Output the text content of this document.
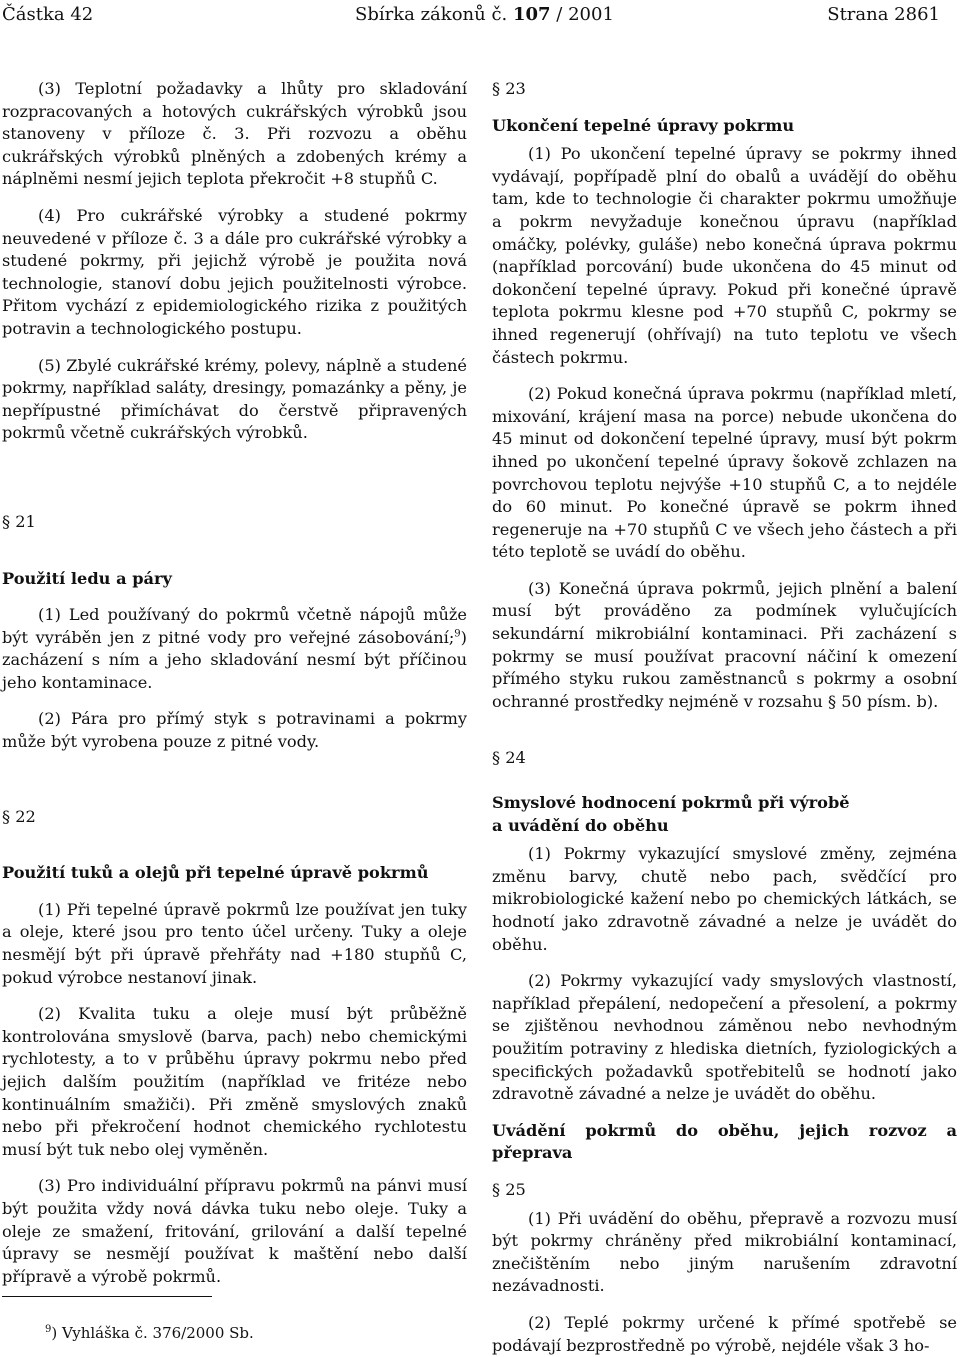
Částka 42	Sbírka zákonů č. 107 / 2001	Strana 2861

(3) Teplotní požadavky a lhůty pro skladování rozpracovaných a hotových cukrářských výrobků jsou stanoveny v příloze č. 3. Při rozvozu a oběhu cukrářských výrobků plněných a zdobených krémy a náplněmi nesmí jejich teplota překročit +8 stupňů C.

(4) Pro cukrářské výrobky a studené pokrmy neuvedené v příloze č. 3 a dále pro cukrářské výrobky a studené pokrmy, při jejichž výrobě je použita nová technologie, stanoví dobu jejich použitelnosti výrobce. Přitom vychází z epidemiologického rizika z použitých potravin a technologického postupu.

(5) Zbylé cukrářské krémy, polevy, náplně a studené pokrmy, například saláty, dresingy, pomazánky a pěny, je nepřípustné přimíchávat do čerstvě připravených pokrmů včetně cukrářských výrobků.

§ 21

Použití ledu a páry

(1) Led používaný do pokrmů včetně nápojů může být vyráběn jen z pitné vody pro veřejné zásobování;$^9$) zacházení s ním a jeho skladování nesmí být příčinou jeho kontaminace.

(2) Pára pro přímý styk s potravinami a pokrmy může být vyrobena pouze z pitné vody.

§ 22

Použití tuků a olejů při tepelné úpravě pokrmů

(1) Při tepelné úpravě pokrmů lze používat jen tuky a oleje, které jsou pro tento účel určeny. Tuky a oleje nesmějí být při úpravě přehřáty nad +180 stupňů C, pokud výrobce nestanoví jinak.

(2) Kvalita tuku a oleje musí být průběžně kontrolována smyslově (barva, pach) nebo chemickými rychlotesty, a to v průběhu úpravy pokrmu nebo před jejich dalším použitím (například ve fritéze nebo kontinuálním smažiči). Při změně smyslových znaků nebo při překročení hodnot chemického rychlotestu musí být tuk nebo olej vyměněn.

(3) Pro individuální přípravu pokrmů na pánvi musí být použita vždy nová dávka tuku nebo oleje. Tuky a oleje ze smažení, fritování, grilování a další tepelné úpravy se nesmějí používat k maštění nebo další přípravě a výrobě pokrmů.

§ 23

Ukončení tepelné úpravy pokrmu

(1) Po ukončení tepelné úpravy se pokrmy ihned vydávají, popřípadě plní do obalů a uvádějí do oběhu tam, kde to technologie či charakter pokrmu umožňuje a pokrm nevyžaduje konečnou úpravu (například omáčky, polévky, guláše) nebo konečná úprava pokrmu (například porcování) bude ukončena do 45 minut od dokončení tepelné úpravy. Pokud při konečné úpravě teplota pokrmu klesne pod +70 stupňů C, pokrmy se ihned regenerují (ohřívají) na tuto teplotu ve všech částech pokrmu.

(2) Pokud konečná úprava pokrmu (například mletí, mixování, krájení masa na porce) nebude ukončena do 45 minut od dokončení tepelné úpravy, musí být pokrm ihned po ukončení tepelné úpravy šokově zchlazen na povrchovou teplotu nejvýše +10 stupňů C, a to nejdéle do 60 minut. Po konečné úpravě se pokrm ihned regeneruje na +70 stupňů C ve všech jeho částech a při této teplotě se uvádí do oběhu.

(3) Konečná úprava pokrmů, jejich plnění a balení musí být prováděno za podmínek vylučujících sekundární mikrobiální kontaminaci. Při zacházení s pokrmy se musí používat pracovní náčiní k omezení přímého styku rukou zaměstnanců s pokrmy a osobní ochranné prostředky nejméně v rozsahu § 50 písm. b).

§ 24

Smyslové hodnocení pokrmů při výrobě
a uvádění do oběhu

(1) Pokrmy vykazující smyslové změny, zejména změnu barvy, chutě nebo pach, svědčící pro mikrobiologické kažení nebo po chemických látkách, se hodnotí jako zdravotně závadné a nelze je uvádět do oběhu.

(2) Pokrmy vykazující vady smyslových vlastností, například přepálení, nedopečení a přesolení, a pokrmy se zjištěnou nevhodnou záměnou nebo nevhodným použitím potraviny z hlediska dietních, fyziologických a specifických požadavků spotřebitelů se hodnotí jako zdravotně závadné a nelze je uvádět do oběhu.

Uvádění pokrmů do oběhu, jejich rozvoz a přeprava

§ 25

(1) Při uvádění do oběhu, přepravě a rozvozu musí být pokrmy chráněny před mikrobiální kontaminací, znečištěním nebo jiným narušením zdravotní nezávadnosti.

(2) Teplé pokrmy určené k přímé spotřebě se podávají bezprostředně po výrobě, nejdéle však 3 ho-

$^9$) Vyhláška č. 376/2000 Sb.
